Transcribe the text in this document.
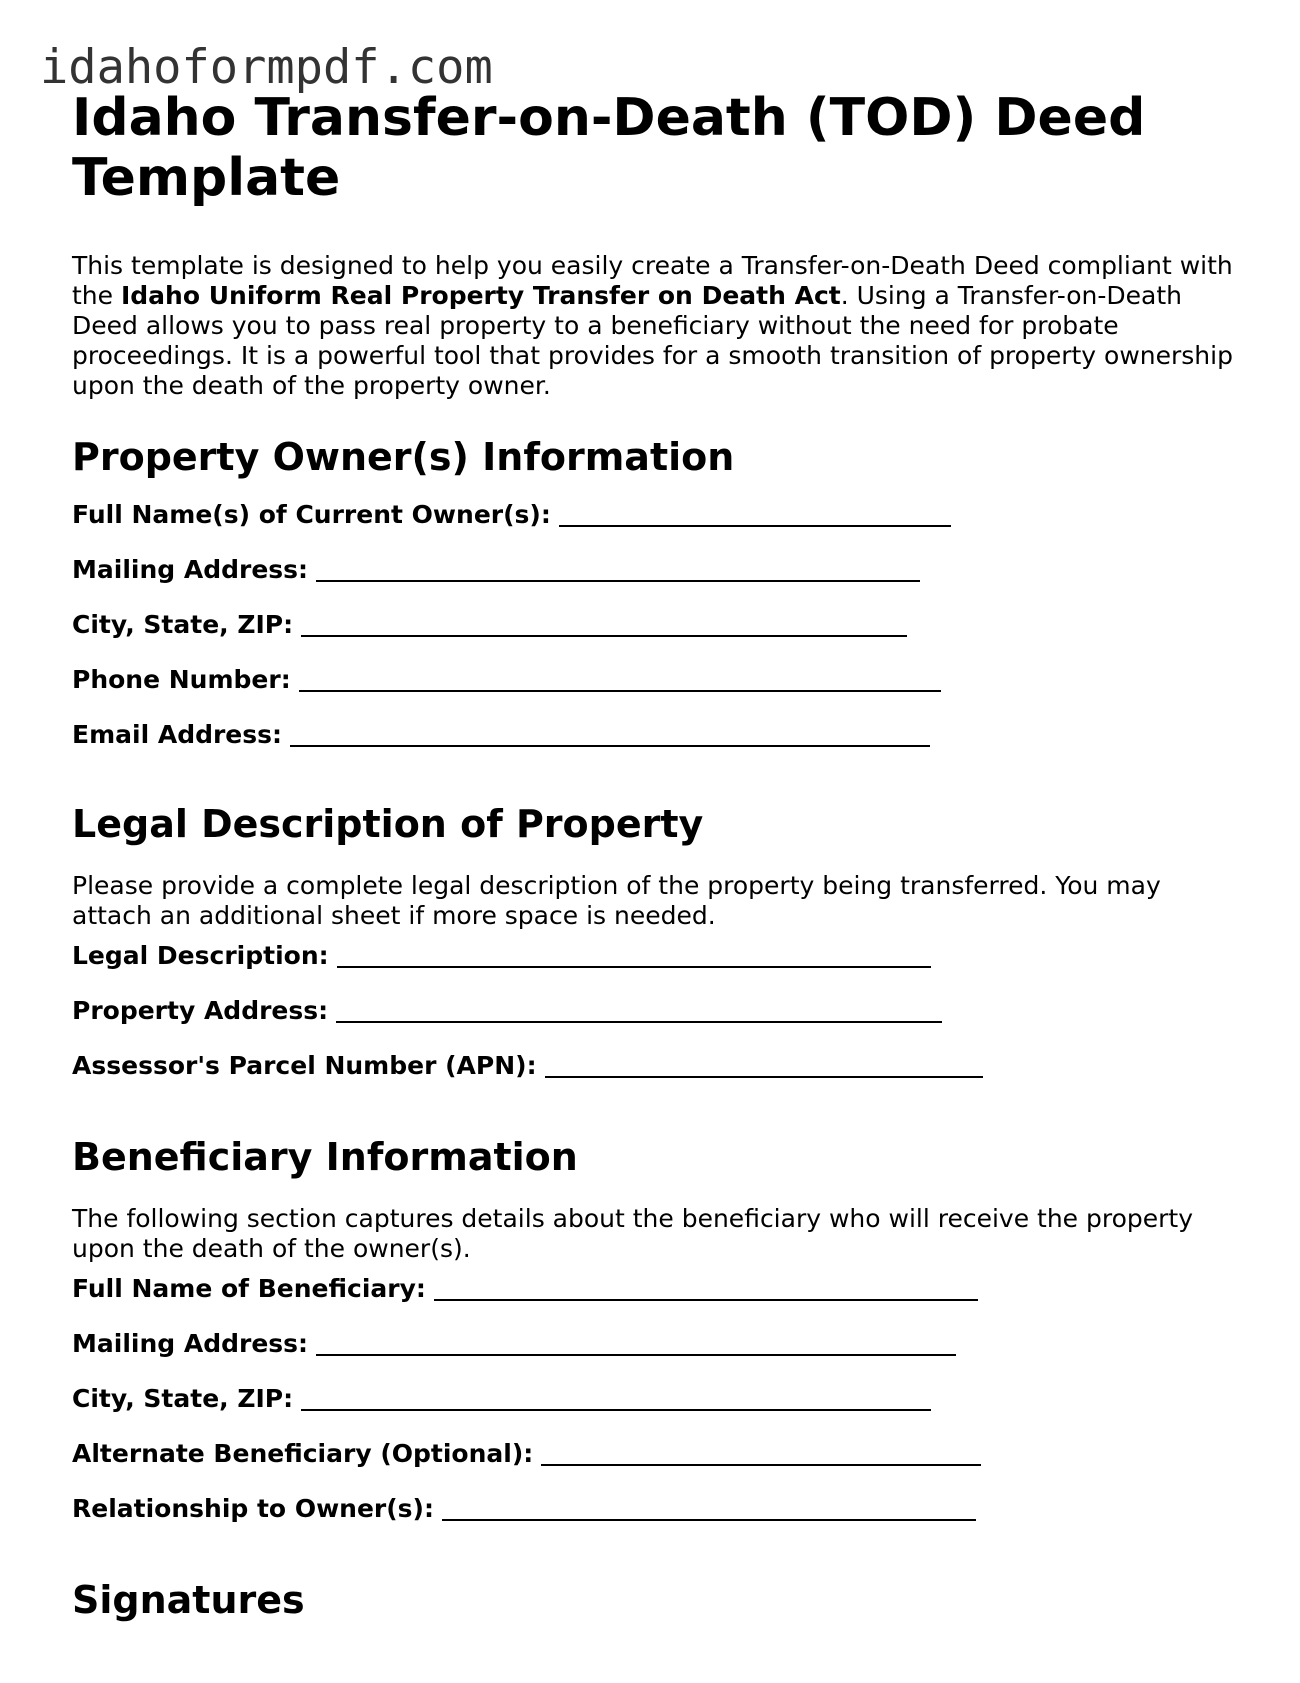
idahoformpdf.com
Idaho Transfer-on-Death (TOD) Deed Template

This template is designed to help you easily create a Transfer-on-Death Deed compliant with the Idaho Uniform Real Property Transfer on Death Act. Using a Transfer-on-Death Deed allows you to pass real property to a beneficiary without the need for probate proceedings. It is a powerful tool that provides for a smooth transition of property ownership upon the death of the property owner.

Property Owner(s) Information
Full Name(s) of Current Owner(s):
Mailing Address:
City, State, ZIP:
Phone Number:
Email Address:
Legal Description of Property

Please provide a complete legal description of the property being transferred. You may attach an additional sheet if more space is needed.

Legal Description:
Property Address:
Assessor's Parcel Number (APN):
Beneficiary Information

The following section captures details about the beneficiary who will receive the property upon the death of the owner(s).

Full Name of Beneficiary:
Mailing Address:
City, State, ZIP:
Alternate Beneficiary (Optional):
Relationship to Owner(s):
Signatures
